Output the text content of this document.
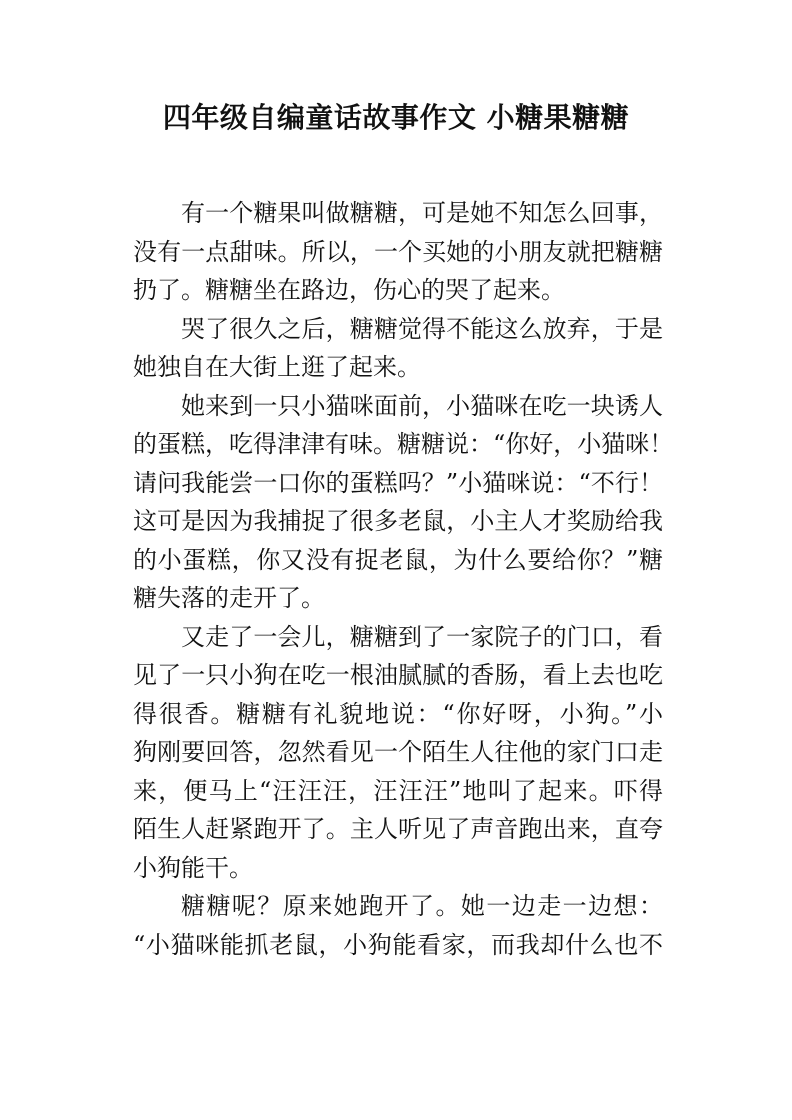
四年级自编童话故事作文 小糖果糖糖
有一个糖果叫做糖糖，可是她不知怎么回事，
没有一点甜味。所以，一个买她的小朋友就把糖糖
扔了。糖糖坐在路边，伤心的哭了起来。
哭了很久之后，糖糖觉得不能这么放弃，于是
她独自在大街上逛了起来。
她来到一只小猫咪面前，小猫咪在吃一块诱人
的蛋糕，吃得津津有味。糖糖说：“你好，小猫咪！
请问我能尝一口你的蛋糕吗？”小猫咪说：“不行！
这可是因为我捕捉了很多老鼠，小主人才奖励给我
的小蛋糕，你又没有捉老鼠，为什么要给你？”糖
糖失落的走开了。
又走了一会儿，糖糖到了一家院子的门口，看
见了一只小狗在吃一根油腻腻的香肠，看上去也吃
得很香。糖糖有礼貌地说：“你好呀，小狗。”小
狗刚要回答，忽然看见一个陌生人往他的家门口走
来，便马上“汪汪汪，汪汪汪”地叫了起来。吓得
陌生人赶紧跑开了。主人听见了声音跑出来，直夸
小狗能干。
糖糖呢？原来她跑开了。她一边走一边想：
“小猫咪能抓老鼠，小狗能看家，而我却什么也不
